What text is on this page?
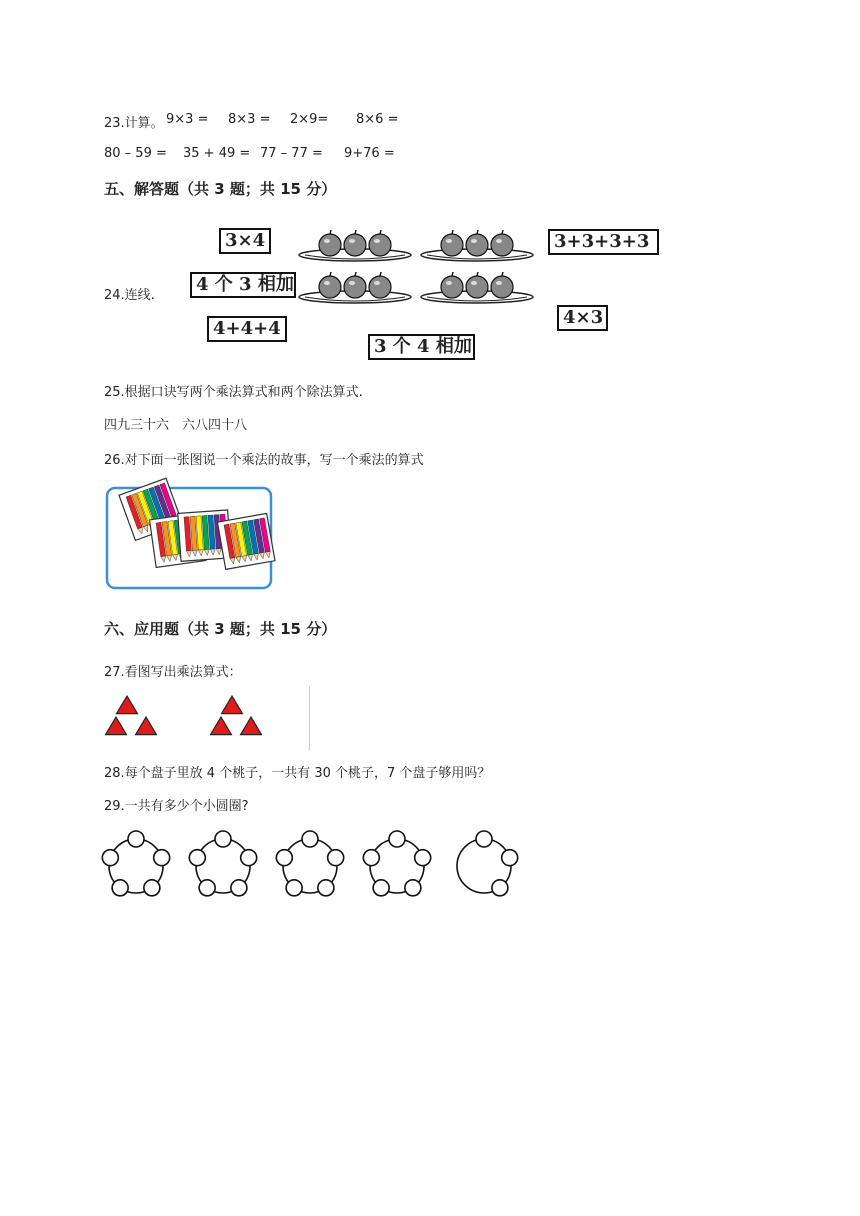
23.计算。 9×3 = 8×3 = 2×9= 8×6 =
80 – 59 = 35 + 49 = 77 – 77 = 9+76 =
五、解答题（共 3 题；共 15 分）
24.连线.
3×4
4 个 3 相加
4+4+4
3 个 4 相加
3+3+3+3
4×3
25.根据口诀写两个乘法算式和两个除法算式.
四九三十六　六八四十八
26.对下面一张图说一个乘法的故事，写一个乘法的算式
六、应用题（共 3 题；共 15 分）
27.看图写出乘法算式：
28.每个盘子里放 4 个桃子，一共有 30 个桃子，7 个盘子够用吗？
29.一共有多少个小圆圈?
